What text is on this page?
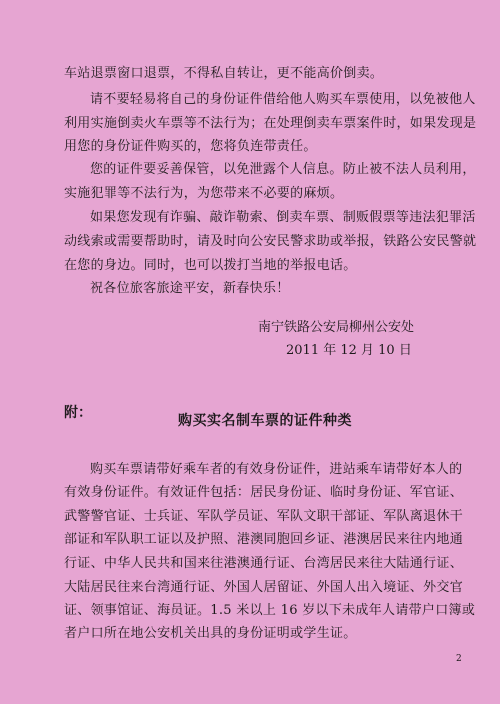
车站退票窗口退票，不得私自转让，更不能高价倒卖。
请不要轻易将自己的身份证件借给他人购买车票使用，以免被他人
利用实施倒卖火车票等不法行为；在处理倒卖车票案件时，如果发现是
用您的身份证件购买的，您将负连带责任。
您的证件要妥善保管，以免泄露个人信息。防止被不法人员利用，
实施犯罪等不法行为，为您带来不必要的麻烦。
如果您发现有诈骗、敲诈勒索、倒卖车票、制贩假票等违法犯罪活
动线索或需要帮助时，请及时向公安民警求助或举报，铁路公安民警就
在您的身边。同时，也可以拨打当地的举报电话。
祝各位旅客旅途平安，新春快乐！
南宁铁路公安局柳州公安处
2011 年 12 月 10 日
附：	购买实名制车票的证件种类
购买车票请带好乘车者的有效身份证件，进站乘车请带好本人的
有效身份证件。有效证件包括：居民身份证、临时身份证、军官证、
武警警官证、士兵证、军队学员证、军队文职干部证、军队离退休干
部证和军队职工证以及护照、港澳同胞回乡证、港澳居民来往内地通
行证、中华人民共和国来往港澳通行证、台湾居民来往大陆通行证、
大陆居民往来台湾通行证、外国人居留证、外国人出入境证、外交官
证、领事馆证、海员证。1.5 米以上 16 岁以下未成年人请带户口簿或
者户口所在地公安机关出具的身份证明或学生证。
2
